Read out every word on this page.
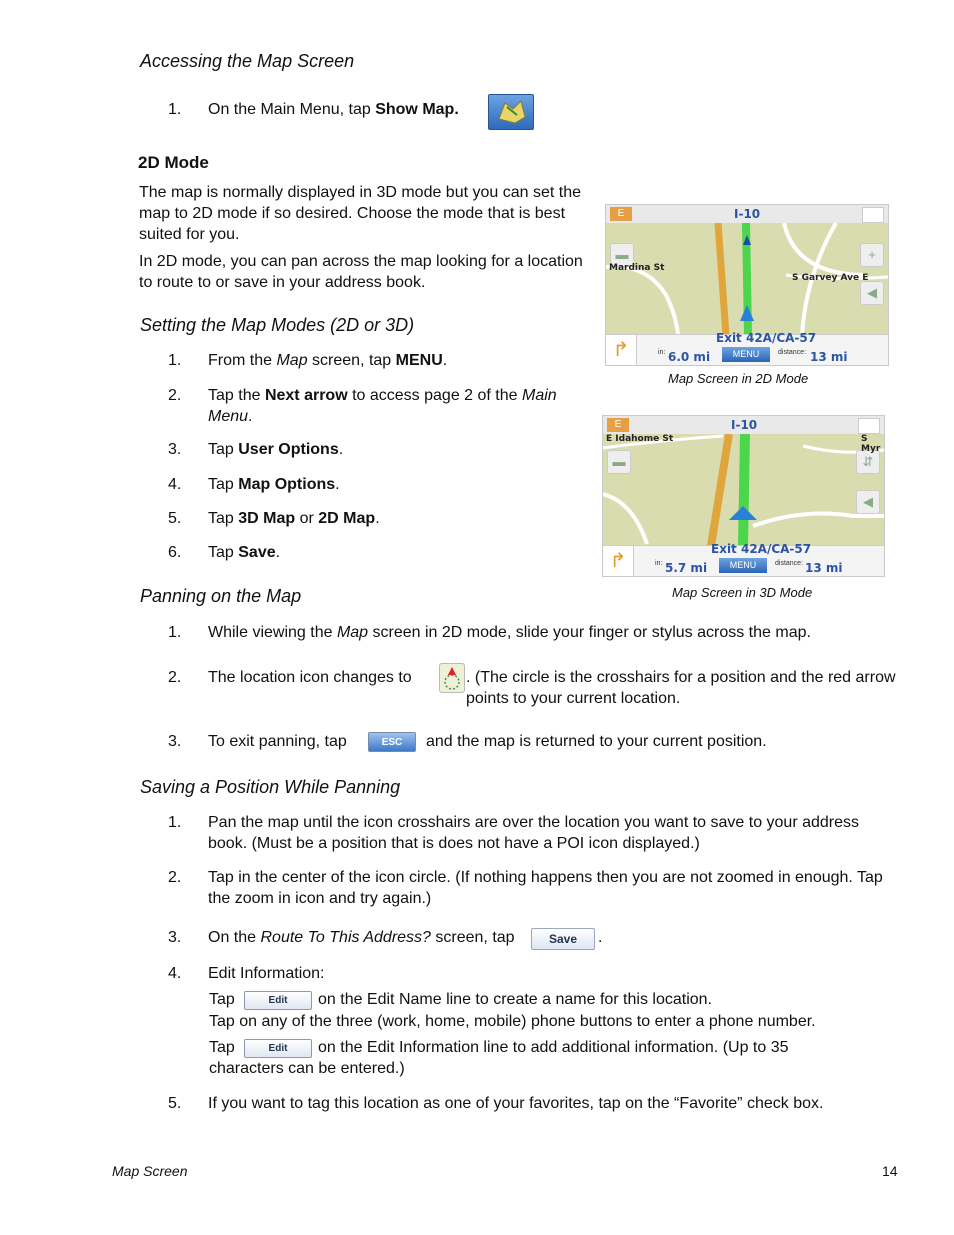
Accessing the Map Screen
1. On the Main Menu, tap Show Map.
2D Mode
The map is normally displayed in 3D mode but you can set the map to 2D mode if so desired. Choose the mode that is best suited for you.
In 2D mode, you can pan across the map looking for a location to route to or save in your address book.
Setting the Map Modes (2D or 3D)
1. From the Map screen, tap MENU.
2. Tap the Next arrow to access page 2 of the Main Menu.
3. Tap User Options.
4. Tap Map Options.
5. Tap 3D Map or 2D Map.
6. Tap Save.
E	I-10
▬	+
◀
Mardina St
S Garvey Ave E
Exit 42A/CA-57
↱	in: 6.0 mi	MENU	distance: 13 mi
Map Screen in 2D Mode
E	I-10
▬	⇵
◀
E Idahome St	S Myr
Exit 42A/CA-57
↱	in: 5.7 mi	MENU	distance: 13 mi
Map Screen in 3D Mode
Panning on the Map
1. While viewing the Map screen in 2D mode, slide your finger or stylus across the map.
2. The location icon changes to	. (The circle is the crosshairs for a position and the red arrow points to your current location.
3. To exit panning, tap	ESC	and the map is returned to your current position.
Saving a Position While Panning
1. Pan the map until the icon crosshairs are over the location you want to save to your address book. (Must be a position that is does not have a POI icon displayed.)
2. Tap in the center of the icon circle. (If nothing happens then you are not zoomed in enough. Tap the zoom in icon and try again.)
3. On the Route To This Address? screen, tap	Save	.
4. Edit Information:
Tap	Edit	on the Edit Name line to create a name for this location.
Tap on any of the three (work, home, mobile) phone buttons to enter a phone number.
Tap	Edit	on the Edit Information line to add additional information. (Up to 35 characters can be entered.)
5. If you want to tag this location as one of your favorites, tap on the “Favorite” check box.
Map Screen	14
